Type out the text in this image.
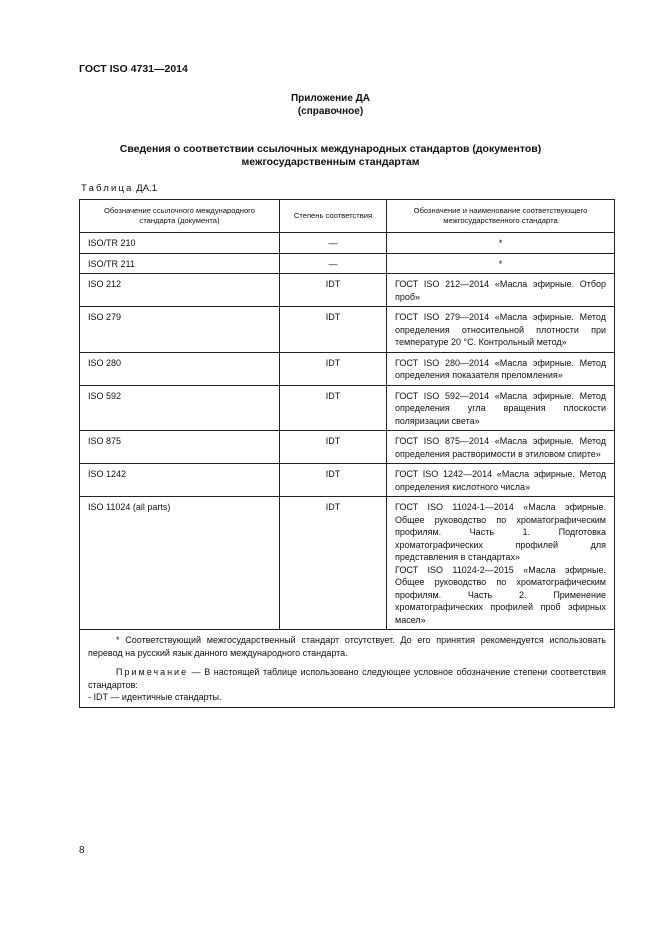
ГОСТ ISO 4731—2014
Приложение ДА
(справочное)
Сведения о соответствии ссылочных международных стандартов (документов)
межгосударственным стандартам
Таблица ДА.1
Обозначение ссылочного международного стандарта (документа)	Степень соответствия	Обозначение и наименование соответствующего межгосударственного стандарта
ISO/TR 210	—	*
ISO/TR 211	—	*
ISO 212	IDT	ГОСТ ISO 212—2014 «Масла эфирные. Отбор проб»
ISO 279	IDT	ГОСТ ISO 279—2014 «Масла эфирные. Метод определения относительной плотности при температуре 20 °C. Контрольный метод»
ISO 280	IDT	ГОСТ ISO 280—2014 «Масла эфирные. Метод определения показателя преломления»
ISO 592	IDT	ГОСТ ISO 592—2014 «Масла эфирные. Метод определения угла вращения плоскости поляризации света»
ISO 875	IDT	ГОСТ ISO 875—2014 «Масла эфирные. Метод определения растворимости в этиловом спирте»
ISO 1242	IDT	ГОСТ ISO 1242—2014 «Масла эфирные. Метод определения кислотного числа»
ISO 11024 (all parts)	IDT	ГОСТ ISO 11024-1—2014 «Масла эфирные. Общее руководство по хроматографическим профилям. Часть 1. Подготовка хроматографических профилей для представления в стандартах»
ГОСТ ISO 11024-2—2015 «Масла эфирные. Общее руководство по хроматографическим профилям. Часть 2. Применение хроматографических профилей проб эфирных масел»

* Соответствующий межгосударственный стандарт отсутствует. До его принятия рекомендуется использовать перевод на русский язык данного международного стандарта.

Примечание — В настоящей таблице использовано следующее условное обозначение степени соответствия стандартов:

- IDT — идентичные стандарты.		

8
